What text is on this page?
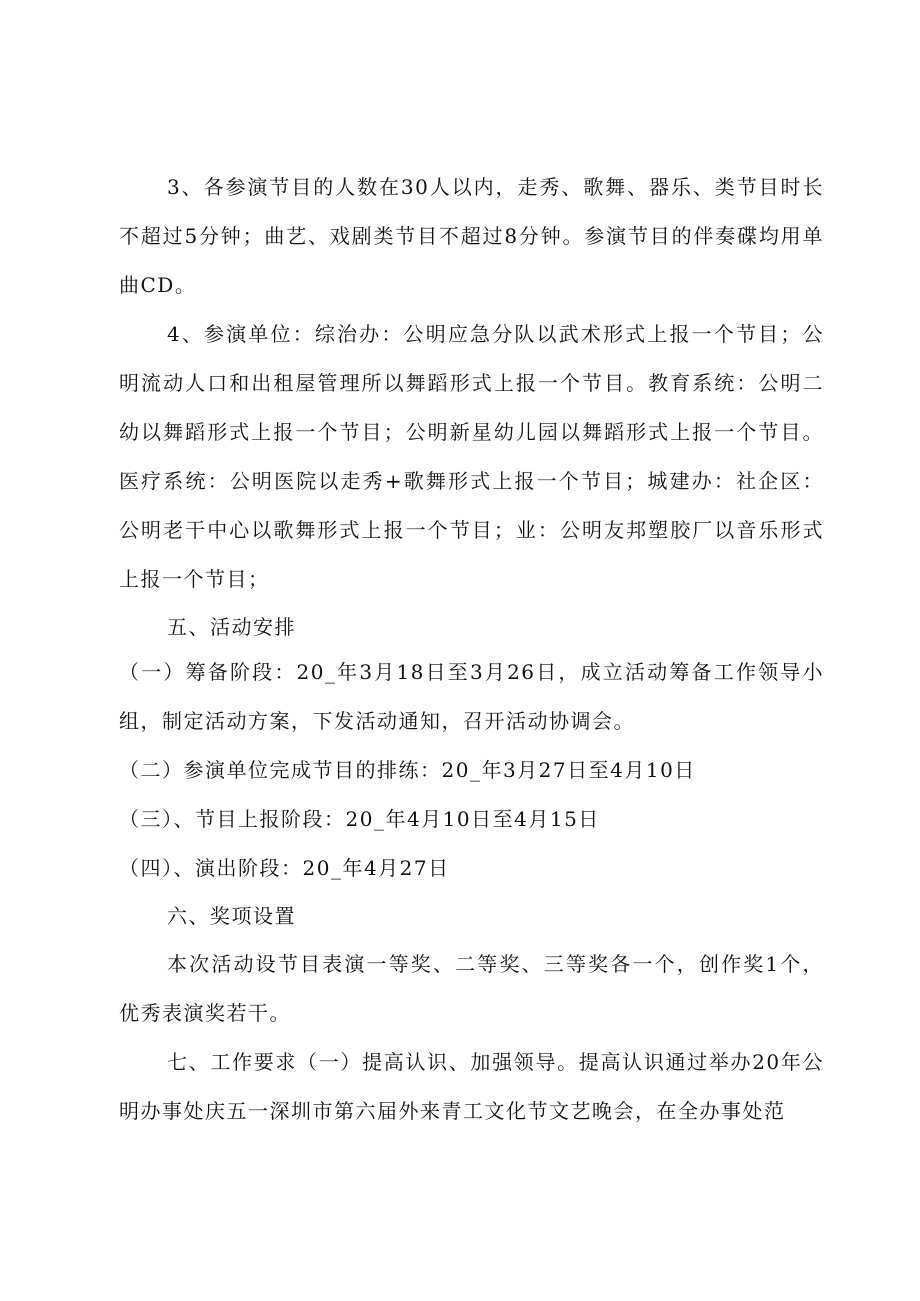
3、各参演节目的人数在30人以内，走秀、歌舞、器乐、类节目时长不超过5分钟；曲艺、戏剧类节目不超过8分钟。参演节目的伴奏碟均用单曲CD。

4、参演单位：综治办：公明应急分队以武术形式上报一个节目；公明流动人口和出租屋管理所以舞蹈形式上报一个节目。教育系统：公明二幼以舞蹈形式上报一个节目；公明新星幼儿园以舞蹈形式上报一个节目。医疗系统：公明医院以走秀+歌舞形式上报一个节目；城建办：社企区：公明老干中心以歌舞形式上报一个节目；业：公明友邦塑胶厂以音乐形式上报一个节目；

五、活动安排

（一）筹备阶段：20_年3月18日至3月26日，成立活动筹备工作领导小组，制定活动方案，下发活动通知，召开活动协调会。

（二）参演单位完成节目的排练：20_年3月27日至4月10日

（三）、节目上报阶段：20_年4月10日至4月15日

（四）、演出阶段：20_年4月27日

六、奖项设置

本次活动设节目表演一等奖、二等奖、三等奖各一个，创作奖1个，优秀表演奖若干。

七、工作要求（一）提高认识、加强领导。提高认识通过举办20年公明办事处庆五一深圳市第六届外来青工文化节文艺晚会，在全办事处范
